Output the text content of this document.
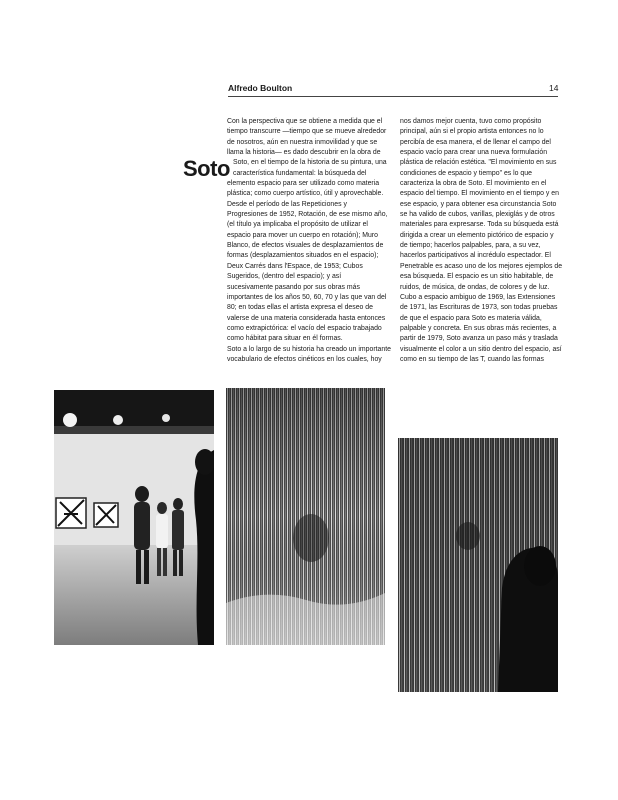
Alfredo Boulton	14
Soto
Con la perspectiva que se obtiene a medida que el
tiempo transcurre —tiempo que se mueve alrededor
de nosotros, aún en nuestra inmovilidad y que se
llama la historia— es dado descubrir en la obra de
Soto, en el tiempo de la historia de su pintura, una
característica fundamental: la búsqueda del
elemento espacio para ser utilizado como materia
plástica; como cuerpo artístico, útil y aprovechable.
Desde el período de las Repeticiones y
Progresiones de 1952, Rotación, de ese mismo año,
(el título ya implicaba el propósito de utilizar el
espacio para mover un cuerpo en rotación); Muro
Blanco, de efectos visuales de desplazamientos de
formas (desplazamientos situados en el espacio);
Deux Carrés dans l'Espace, de 1953; Cubos
Sugeridos, (dentro del espacio); y así
sucesivamente pasando por sus obras más
importantes de los años 50, 60, 70 y las que van del
80; en todas ellas el artista expresa el deseo de
valerse de una materia considerada hasta entonces
como extrapictórica: el vacío del espacio trabajado
como hábitat para situar en él formas.
Soto a lo largo de su historia ha creado un importante
vocabulario de efectos cinéticos en los cuales, hoy
nos damos mejor cuenta, tuvo como propósito
principal, aún si el propio artista entonces no lo
percibía de esa manera, el de llenar el campo del
espacio vacío para crear una nueva formulación
plástica de relación estética. "El movimiento en sus
condiciones de espacio y tiempo" es lo que
caracteriza la obra de Soto. El movimiento en el
espacio del tiempo. El movimiento en el tiempo y en
ese espacio, y para obtener esa circunstancia Soto
se ha valido de cubos, varillas, plexiglás y de otros
materiales para expresarse. Toda su búsqueda está
dirigida a crear un elemento pictórico de espacio y
de tiempo; hacerlos palpables, para, a su vez,
hacerlos participativos al incrédulo espectador. El
Penetrable es acaso uno de los mejores ejemplos de
esa búsqueda. El espacio es un sitio habitable, de
ruidos, de música, de ondas, de colores y de luz.
Cubo a espacio ambiguo de 1969, las Extensiones
de 1971, las Escrituras de 1973, son todas pruebas
de que el espacio para Soto es materia válida,
palpable y concreta. En sus obras más recientes, a
partir de 1979, Soto avanza un paso más y traslada
visualmente el color a un sitio dentro del espacio, así
como en su tiempo de las T, cuando las formas
